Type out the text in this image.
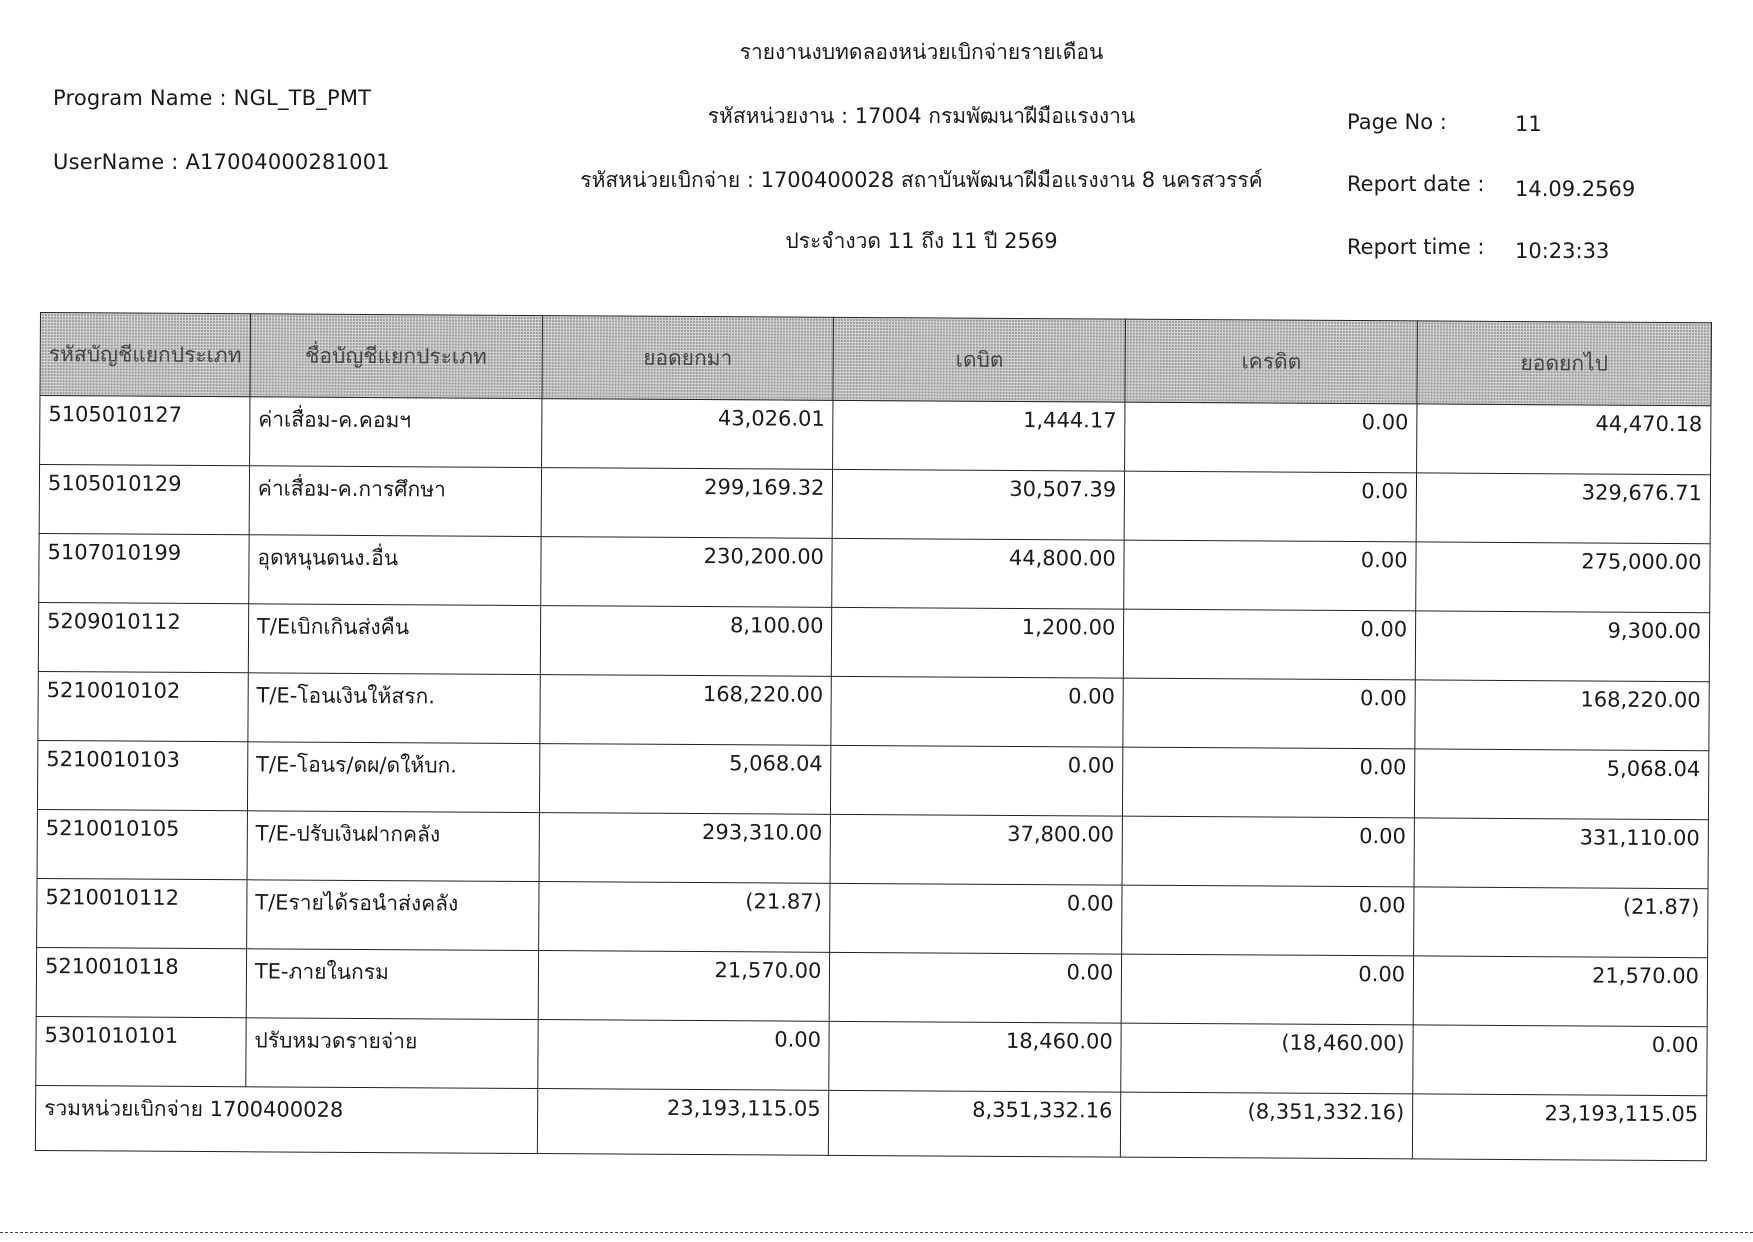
Program Name : NGL_TB_PMT
UserName : A17004000281001
รายงานงบทดลองหน่วยเบิกจ่ายรายเดือน
รหัสหน่วยงาน : 17004 กรมพัฒนาฝีมือแรงงาน
รหัสหน่วยเบิกจ่าย : 1700400028 สถาบันพัฒนาฝีมือแรงงาน 8 นครสวรรค์
ประจำงวด 11 ถึง 11 ปี 2569
Page No :	11
Report date : 14.09.2569
Report time : 10:23:33
รหัสบัญชีแยกประเภท	ชื่อบัญชีแยกประเภท	ยอดยกมา	เดบิต	เครดิต	ยอดยกไป
5105010127	ค่าเสื่อม-ค.คอมฯ	43,026.01	1,444.17	0.00	44,470.18
5105010129	ค่าเสื่อม-ค.การศึกษา	299,169.32	30,507.39	0.00	329,676.71
5107010199	อุดหนุนดนง.อื่น	230,200.00	44,800.00	0.00	275,000.00
5209010112	T/Eเบิกเกินส่งคืน	8,100.00	1,200.00	0.00	9,300.00
5210010102	T/E-โอนเงินให้สรก.	168,220.00	0.00	0.00	168,220.00
5210010103	T/E-โอนร/ดผ/ดให้บก.	5,068.04	0.00	0.00	5,068.04
5210010105	T/E-ปรับเงินฝากคลัง	293,310.00	37,800.00	0.00	331,110.00
5210010112	T/Eรายได้รอนำส่งคลัง	(21.87)	0.00	0.00	(21.87)
5210010118	TE-ภายในกรม	21,570.00	0.00	0.00	21,570.00
5301010101	ปรับหมวดรายจ่าย	0.00	18,460.00	(18,460.00)	0.00
รวมหน่วยเบิกจ่าย 1700400028		23,193,115.05	8,351,332.16	(8,351,332.16)	23,193,115.05
